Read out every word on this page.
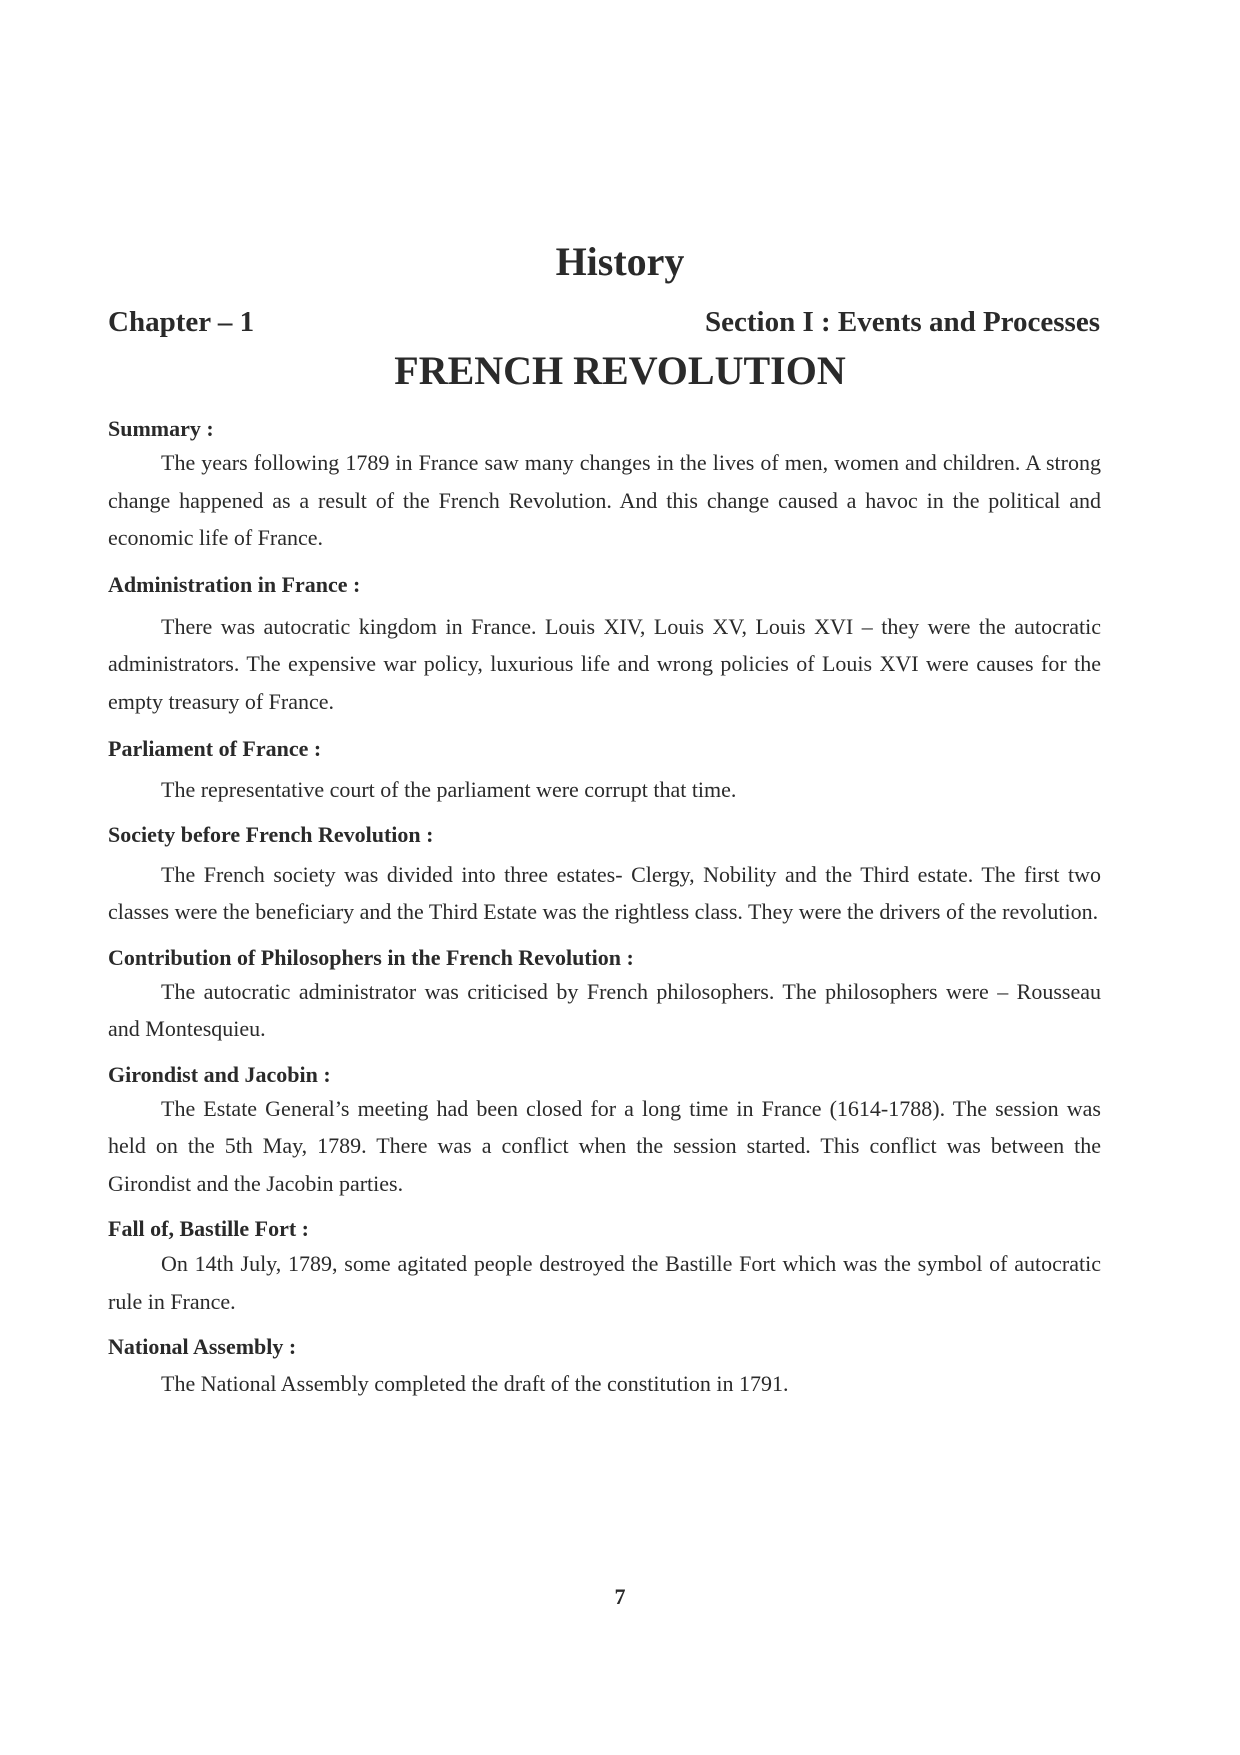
History
Chapter – 1	Section I : Events and Processes
FRENCH REVOLUTION
Summary :

The years following 1789 in France saw many changes in the lives of men, women and children. A strong change happened as a result of the French Revolution. And this change caused a havoc in the political and economic life of France.

Administration in France :

There was autocratic kingdom in France. Louis XIV, Louis XV, Louis XVI – they were the autocratic administrators. The expensive war policy, luxurious life and wrong policies of Louis XVI were causes for the empty treasury of France.

Parliament of France :

The representative court of the parliament were corrupt that time.

Society before French Revolution :

The French society was divided into three estates- Clergy, Nobility and the Third estate. The first two classes were the beneficiary and the Third Estate was the rightless class. They were the drivers of the revolution.

Contribution of Philosophers in the French Revolution :

The autocratic administrator was criticised by French philosophers. The philosophers were – Rousseau and Montesquieu.

Girondist and Jacobin :

The Estate General’s meeting had been closed for a long time in France (1614-1788). The session was held on the 5th May, 1789. There was a conflict when the session started. This conflict was between the Girondist and the Jacobin parties.

Fall of, Bastille Fort :

On 14th July, 1789, some agitated people destroyed the Bastille Fort which was the symbol of autocratic rule in France.

National Assembly :

The National Assembly completed the draft of the constitution in 1791.

7
